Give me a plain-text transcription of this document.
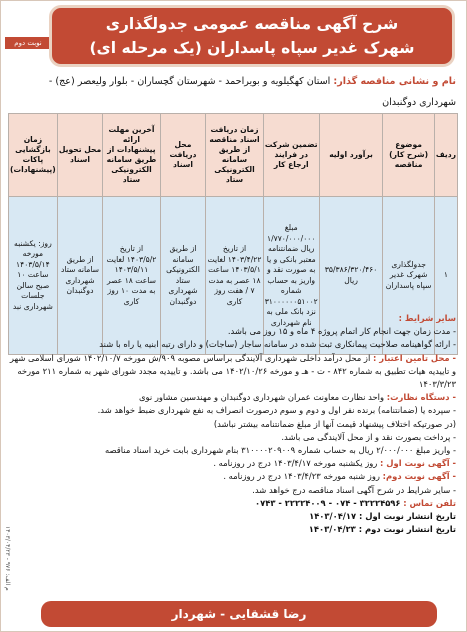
نوبت دوم
شرح آگهی مناقصه عمومی جدولگذاری
شهرک غدیر سپاه پاسداران (یک مرحله ای)
نام و نشانی مناقصه گذار: استان کهگیلویه و بویراحمد - شهرستان گچساران - بلوار ولیعصر (عج) - شهرداری دوگنبدان
ردیف	موضوع (شرح کار) مناقصه	برآورد اولیه	تضمین شرکت در فرایند ارجاع کار	زمان دریافت اسناد مناقصه از طریق سامانه الکترونیکی ستاد	محل دریافت اسناد	آخرین مهلت ارائه پیشنهادات از طریق سامانه الکترونیکی ستاد	محل تحویل اسناد	زمان بازگشایی پاکات (پیشنهادات)
۱	جدولگذاری شهرک غدیر سپاه پاسداران	۳۵/۳۸۶/۳۲۰/۴۶۰ ریال	مبلغ ۱/۷۷۰/۰۰۰/۰۰۰ ریال ضمانتنامه معتبر بانکی و یا به صورت نقد و واریز به حساب شماره ۳۱۰۰۰۰۰۰۵۱۰۰۲ نزد بانک ملی به نام شهرداری	از تاریخ ۱۴۰۳/۴/۲۲ لغایت ۱۴۰۳/۵/۱ ساعت ۱۸ عصر به مدت ۷ / هفت روز کاری	از طریق سامانه الکترونیکی ستاد شهرداری دوگنبدان	از تاریخ ۱۴۰۳/۵/۲ لغایت ۱۴۰۳/۵/۱۱ ساعت ۱۸ عصر به مدت ۱۰ روز کاری	از طریق سامانه ستاد شهرداری دوگنبدان	روز: یکشنبه مورخه ۱۴۰۳/۵/۱۴ ساعت ۱۰ صبح سالن جلسات شهرداری نبد
سایر شرایط :
- مدت زمان جهت انجام کار اتمام پروژه ۴ ماه و ۱۵ روز می باشد.
- ارائه گواهینامه صلاحیت پیمانکاری ثبت شده در سامانه ساجار (ساجات) و دارای رتبه ابنیه یا راه با شند
- محل تامین اعتبار : از محل درآمد داخلی شهرداری آلایندگی براساس مصوبه ۹۰۹/ش مورخه ۱۴۰۲/۱۰/۷ شورای اسلامی شهر و تاییدیه هیات تطبیق به شماره ۸۴۲ - ت - هـ و مورخه ۱۴۰۲/۱۰/۲۶ می باشد. و تاییدیه مجدد شورای شهر به شماره ۲۱۱ مورخه ۱۴۰۳/۳/۲۳
- دستگاه نظارت: واحد نظارت معاونت عمران شهرداری دوگنبدان و مهندسین مشاور نوی
- سپرده یا (ضمانتنامه) برنده نفر اول و دوم و سوم درصورت انصراف به نفع شهرداری ضبط خواهد شد.
(در صورتیکه اختلاف پیشنهاد قیمت آنها از مبلغ ضمانتنامه بیشتر نباشد)
- پرداخت بصورت نقد و از محل آلایندگی می باشد.
- واریز مبلغ ۲/۰۰۰/۰۰۰ ریال به حساب شماره ۳۱۰۰۰۰۲۰۹۰۰۹ بنام شهرداری بابت خرید اسناد مناقصه
- آگهی نوبت اول : روز یکشنبه مورخه ۱۴۰۳/۴/۱۷ درج در روزنامه .
- آگهی نوبت دوم: روز شنبه مورخه ۱۴۰۳/۴/۲۳ درج در روزنامه .
- سایر شرایط در شرح آگهی اسناد مناقصه درج خواهد شد.
تلفن تماس : ۳۲۲۲۴۵۹۶ - ۰۷۴ - ۲۲۲۲۴۰۰۹ - ۰۷۴۳
تاریخ انتشار نوبت اول : ۱۴۰۳/۰۴/۱۷
تاریخ انتشار نوبت دوم : ۱۴۰۳/۰۴/۲۳
م الف: ۹۷۶ - ۱۴۰۳/۰۴/۲۳
رضا قشقایی - شهردار
